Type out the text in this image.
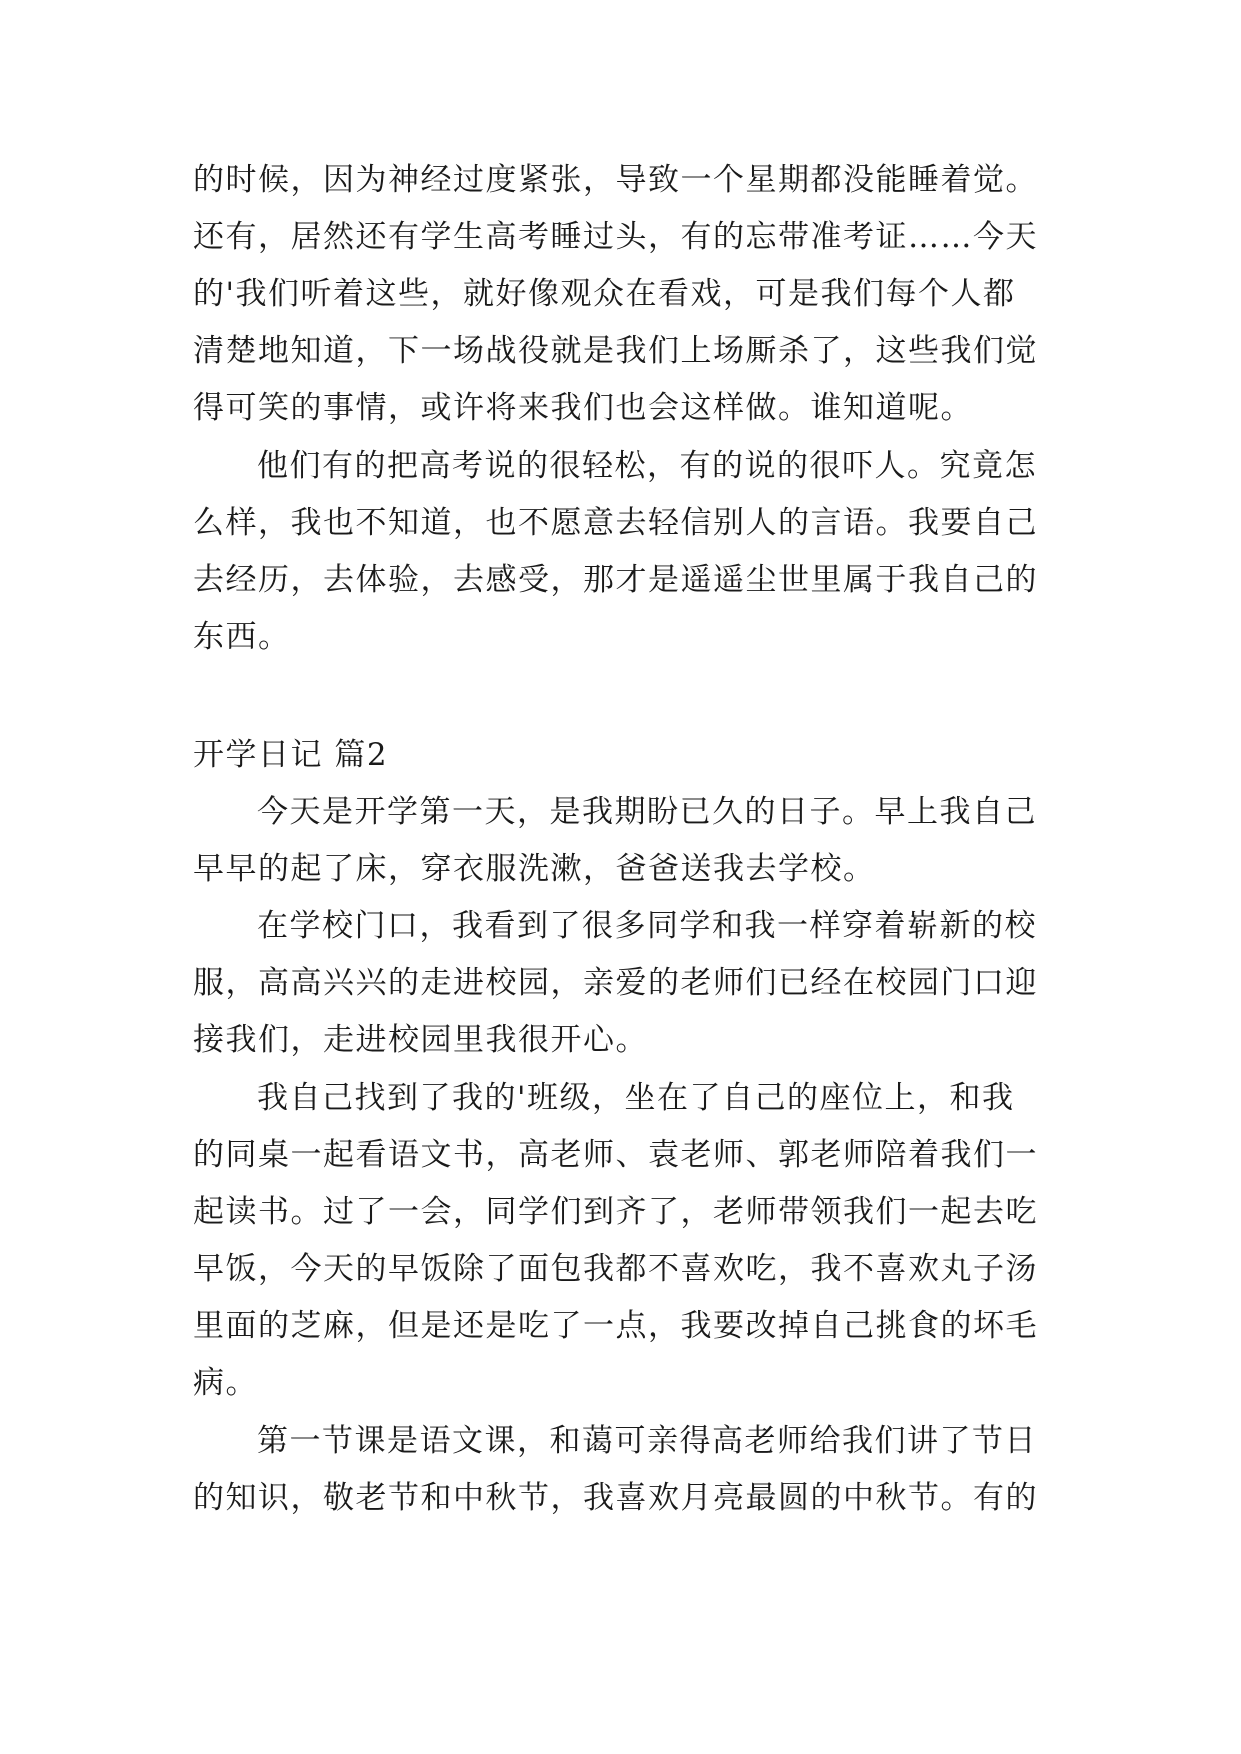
的时候，因为神经过度紧张，导致一个星期都没能睡着觉。
还有，居然还有学生高考睡过头，有的忘带准考证……今天
的'我们听着这些，就好像观众在看戏，可是我们每个人都
清楚地知道，下一场战役就是我们上场厮杀了，这些我们觉
得可笑的事情，或许将来我们也会这样做。谁知道呢。
他们有的把高考说的很轻松，有的说的很吓人。究竟怎
么样，我也不知道，也不愿意去轻信别人的言语。我要自己
去经历，去体验，去感受，那才是遥遥尘世里属于我自己的
东西。
开学日记 篇2
今天是开学第一天，是我期盼已久的日子。早上我自己
早早的起了床，穿衣服洗漱，爸爸送我去学校。
在学校门口，我看到了很多同学和我一样穿着崭新的校
服，高高兴兴的走进校园，亲爱的老师们已经在校园门口迎
接我们，走进校园里我很开心。
我自己找到了我的'班级，坐在了自己的座位上，和我
的同桌一起看语文书，高老师、袁老师、郭老师陪着我们一
起读书。过了一会，同学们到齐了，老师带领我们一起去吃
早饭，今天的早饭除了面包我都不喜欢吃，我不喜欢丸子汤
里面的芝麻，但是还是吃了一点，我要改掉自己挑食的坏毛
病。
第一节课是语文课，和蔼可亲得高老师给我们讲了节日
的知识，敬老节和中秋节，我喜欢月亮最圆的中秋节。有的
